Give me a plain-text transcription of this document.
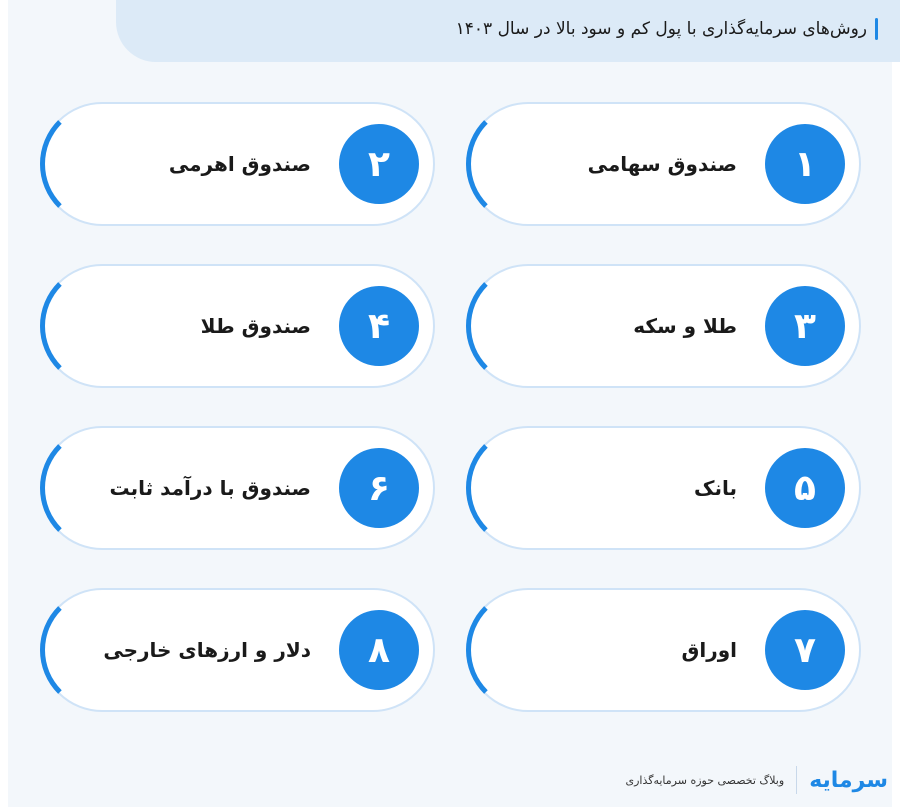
روش‌های سرمایه‌گذاری با پول کم و سود بالا در سال ۱۴۰۳
۱
صندوق سهامی
۲
صندوق اهرمی
۳
طلا و سکه
۴
صندوق طلا
۵
بانک
۶
صندوق با درآمد ثابت
۷
اوراق
۸
دلار و ارزهای خارجی
سرمایه
وبلاگ تخصصی حوزه سرمایه‌گذاری
